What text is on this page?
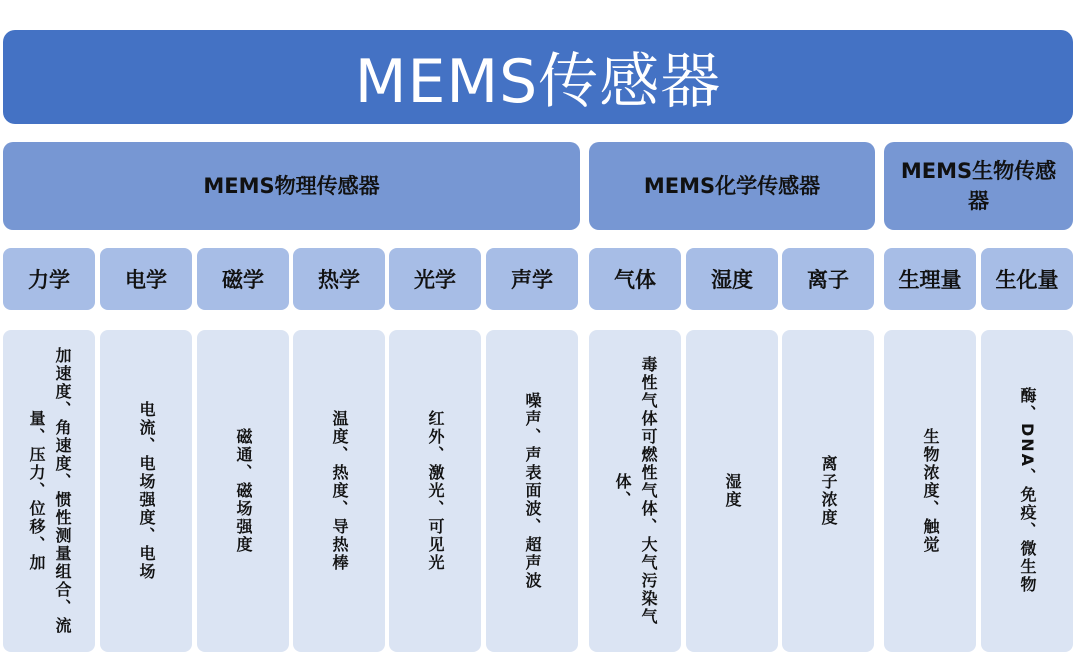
MEMS传感器
MEMS物理传感器	MEMS化学传感器
MEMS生物传感器
力学	电学	磁学	热学	光学	声学	气体	湿度	离子	生理量	生化量
加速度、角速度、惯性测量组合、流量、压力、位移、加	电流、电场强度、电场	磁通、磁场强度	温度、热度、导热棒	红外、激光、可见光	噪声、声表面波、超声波	毒性气体可燃性气体、大气污染气体、	湿度	离子浓度	生物浓度、触觉	酶、DNA、免疫、微生物
